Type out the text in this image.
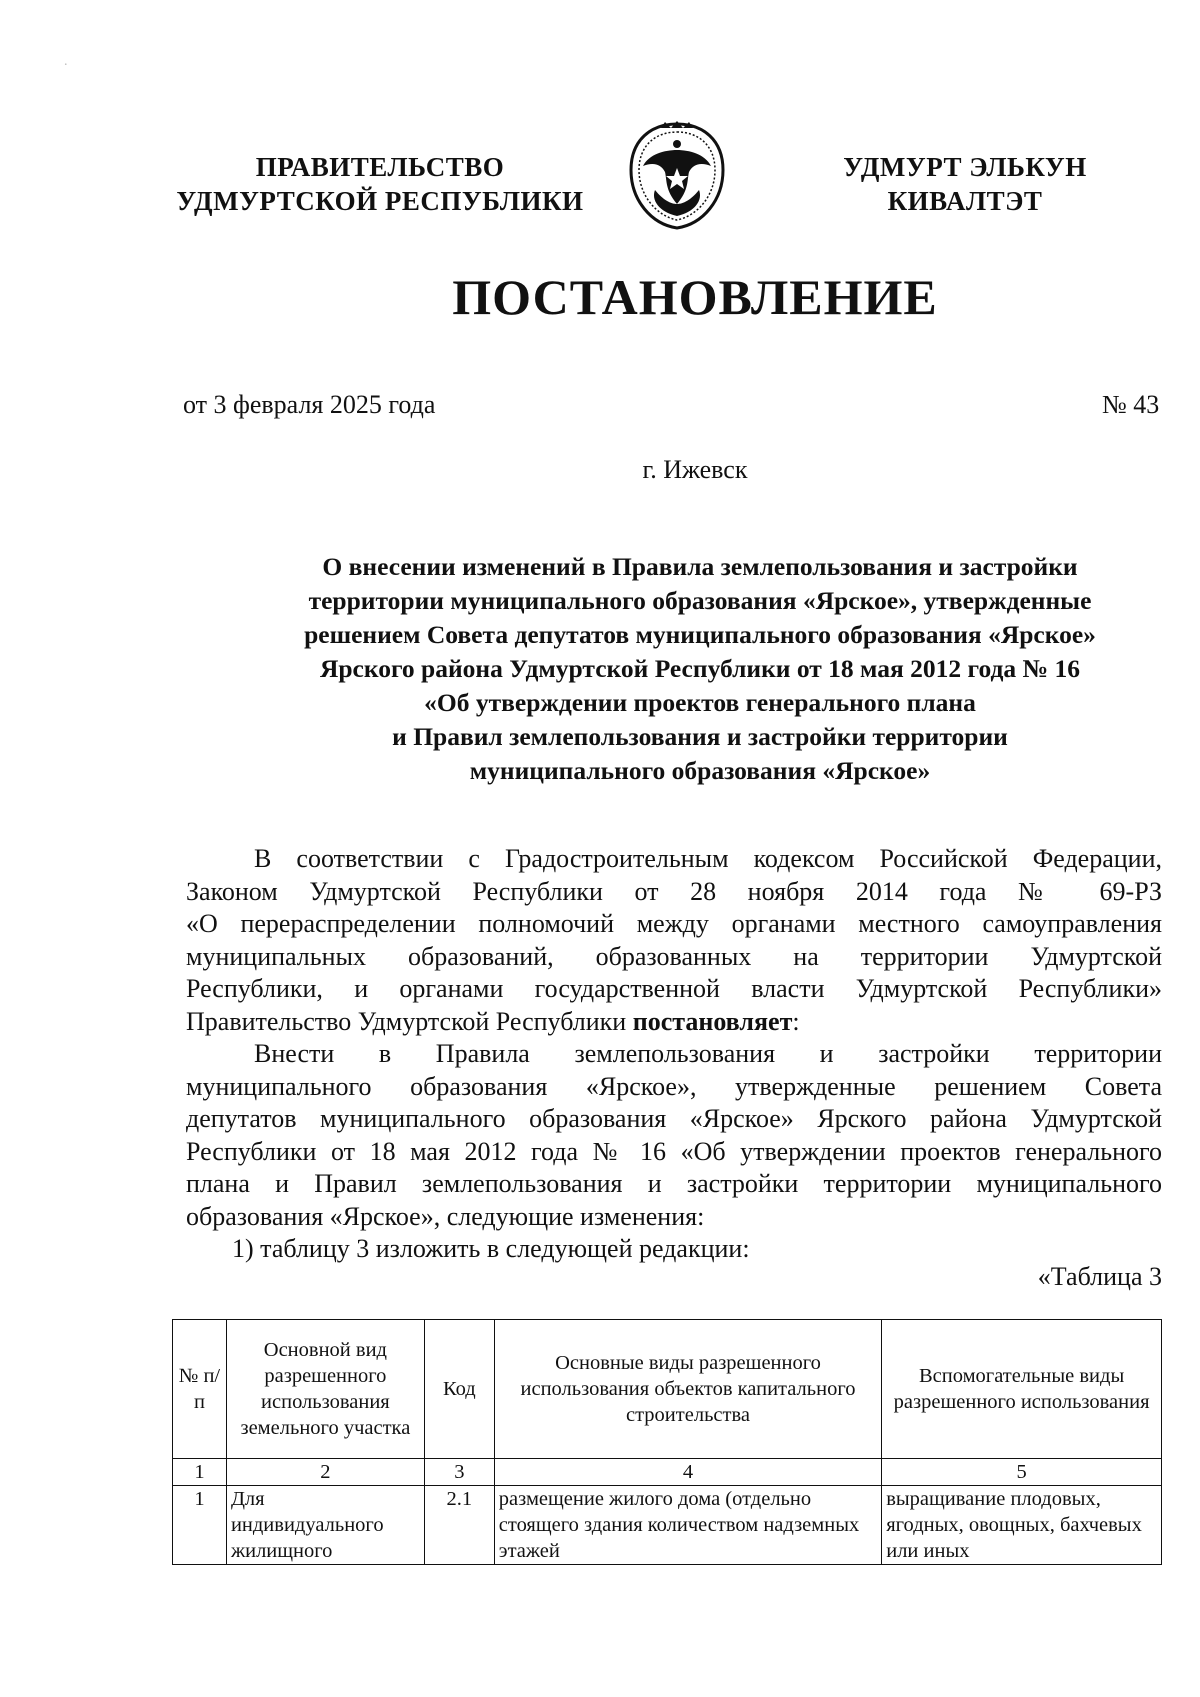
.
ПРАВИТЕЛЬСТВО
УДМУРТСКОЙ РЕСПУБЛИКИ
УДМУРТ ЭЛЬКУН
КИВАЛТЭТ
ПОСТАНОВЛЕНИЕ
от 3 февраля 2025 года	№ 43
г. Ижевск
О внесении изменений в Правила землепользования и застройки
территории муниципального образования «Ярское», утвержденные
решением Совета депутатов муниципального образования «Ярское»
Ярского района Удмуртской Республики от 18 мая 2012 года № 16
«Об утверждении проектов генерального плана
и Правил землепользования и застройки территории
муниципального образования «Ярское»
В соответствии с Градостроительным кодексом Российской Федерации,
Законом Удмуртской Республики от 28 ноября 2014 года № 69-РЗ
«О перераспределении полномочий между органами местного самоуправления
муниципальных образований, образованных на территории Удмуртской
Республики, и органами государственной власти Удмуртской Республики»
Правительство Удмуртской Республики постановляет:
Внести в Правила землепользования и застройки территории
муниципального образования «Ярское», утвержденные решением Совета
депутатов муниципального образования «Ярское» Ярского района Удмуртской
Республики от 18 мая 2012 года № 16 «Об утверждении проектов генерального
плана и Правил землепользования и застройки территории муниципального
образования «Ярское», следующие изменения:
1) таблицу 3 изложить в следующей редакции:
«Таблица 3
№ п/п	Основной вид разрешенного использования земельного участка	Код	Основные виды разрешенного использования объектов капитального строительства	Вспомогательные виды разрешенного использования
1	2	3	4	5
1	Для индивидуального жилищного	2.1	размещение жилого дома (отдельно стоящего здания количеством надземных этажей	выращивание плодовых, ягодных, овощных, бахчевых или иных
